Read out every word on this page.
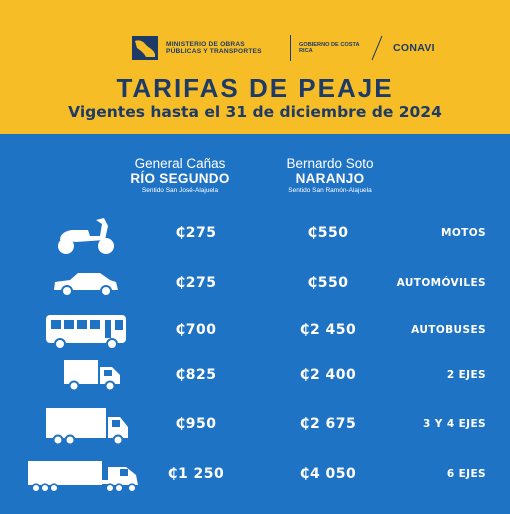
MINISTERIO DE OBRAS PÚBLICAS Y TRANSPORTES
GOBIERNO DE COSTA RICA	CONAVI
TARIFAS DE PEAJE
Vigentes hasta el 31 de diciembre de 2024
General Cañas
RÍO SEGUNDO
Sentido San José-Alajuela
Bernardo Soto
NARANJO
Sentido San Ramón-Alajuela
₵275	₵550	MOTOS
₵275	₵550	AUTOMÓVILES
₵700	₵2 450	AUTOBUSES
₵825	₵2 400	2 EJES
₵950	₵2 675	3 Y 4 EJES
₵1 250	₵4 050	6 EJES
